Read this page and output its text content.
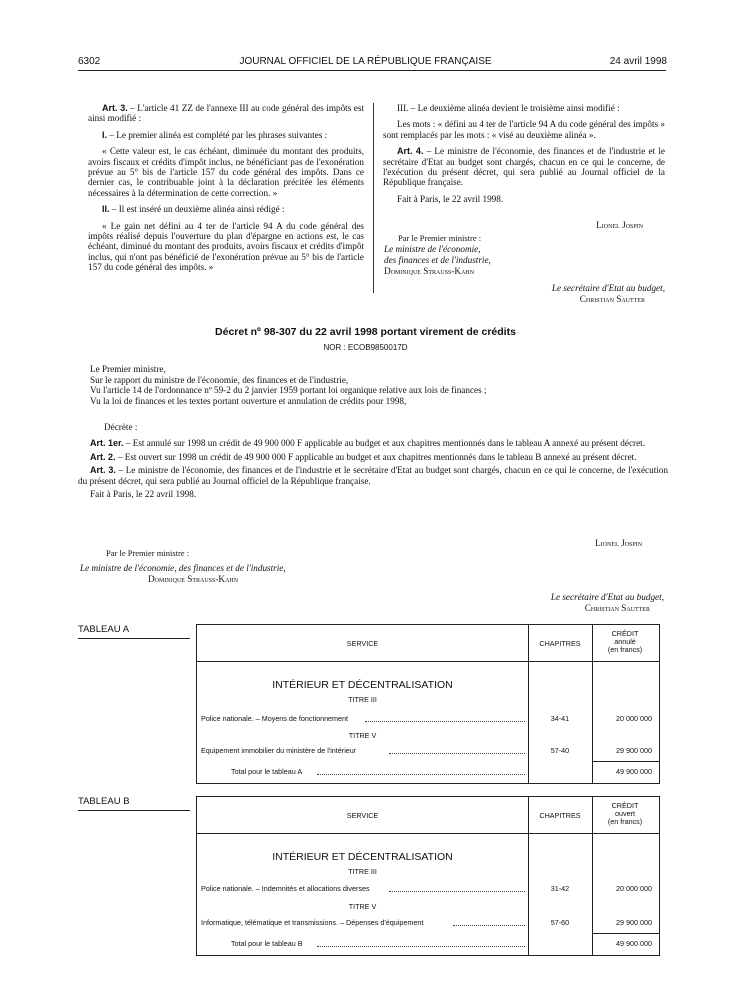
6302	JOURNAL OFFICIEL DE LA RÉPUBLIQUE FRANÇAISE	24 avril 1998

Art. 3. – L'article 41 ZZ de l'annexe III au code général des impôts est ainsi modifié :

I. – Le premier alinéa est complété par les phrases suivantes :

« Cette valeur est, le cas échéant, diminuée du montant des produits, avoirs fiscaux et crédits d'impôt inclus, ne bénéficiant pas de l'exonération prévue au 5° bis de l'article 157 du code général des impôts. Dans ce dernier cas, le contribuable joint à la déclaration précitée les éléments nécessaires à la détermination de cette correction. »

II. – Il est inséré un deuxième alinéa ainsi rédigé :

« Le gain net défini au 4 ter de l'article 94 A du code général des impôts réalisé depuis l'ouverture du plan d'épargne en actions est, le cas échéant, diminué du montant des produits, avoirs fiscaux et crédits d'impôt inclus, qui n'ont pas bénéficié de l'exonération prévue au 5° bis de l'article 157 du code général des impôts. »

III. – Le deuxième alinéa devient le troisième ainsi modifié :

Les mots : « défini au 4 ter de l'article 94 A du code général des impôts » sont remplacés par les mots : « visé au deuxième alinéa ».

Art. 4. – Le ministre de l'économie, des finances et de l'industrie et le secrétaire d'Etat au budget sont chargés, chacun en ce qui le concerne, de l'exécution du présent décret, qui sera publié au Journal officiel de la République française.

Fait à Paris, le 22 avril 1998.

Lionel Jospin
Par le Premier ministre :
Le ministre de l'économie,
des finances et de l'industrie,
Dominique Strauss-Kahn
Le secrétaire d'Etat au budget,
Christian Sautter
Décret nº 98-307 du 22 avril 1998 portant virement de crédits
NOR : ECOB9850017D

Le Premier ministre,

Sur le rapport du ministre de l'économie, des finances et de l'industrie,

Vu l'article 14 de l'ordonnance nº 59-2 du 2 janvier 1959 portant loi organique relative aux lois de finances ;

Vu la loi de finances et les textes portant ouverture et annulation de crédits pour 1998,

Décrète :

Art. 1er. – Est annulé sur 1998 un crédit de 49 900 000 F applicable au budget et aux chapitres mentionnés dans le tableau A annexé au présent décret.

Art. 2. – Est ouvert sur 1998 un crédit de 49 900 000 F applicable au budget et aux chapitres mentionnés dans le tableau B annexé au présent décret.

Art. 3. – Le ministre de l'économie, des finances et de l'industrie et le secrétaire d'Etat au budget sont chargés, chacun en ce qui le concerne, de l'exécution du présent décret, qui sera publié au Journal officiel de la République française.

Fait à Paris, le 22 avril 1998.

Lionel Jospin
Par le Premier ministre :
Le ministre de l'économie, des finances et de l'industrie,
Dominique Strauss-Kahn
Le secrétaire d'Etat au budget,
Christian Sautter
TABLEAU A
SERVICE	CHAPITRES
CRÉDIT
annulé
(en francs)
INTÉRIEUR ET DÉCENTRALISATION
TITRE III
Police nationale. – Moyens de fonctionnement	34-41	20 000 000
TITRE V
Equipement immobilier du ministère de l'intérieur	57-40	29 900 000
Total pour le tableau A	49 900 000
TABLEAU B
SERVICE	CHAPITRES
CRÉDIT
ouvert
(en francs)
INTÉRIEUR ET DÉCENTRALISATION
TITRE III
Police nationale. – Indemnités et allocations diverses	31-42	20 000 000
TITRE V
Informatique, télématique et transmissions. – Dépenses d'équipement	57-60	29 900 000
Total pour le tableau B	49 900 000
